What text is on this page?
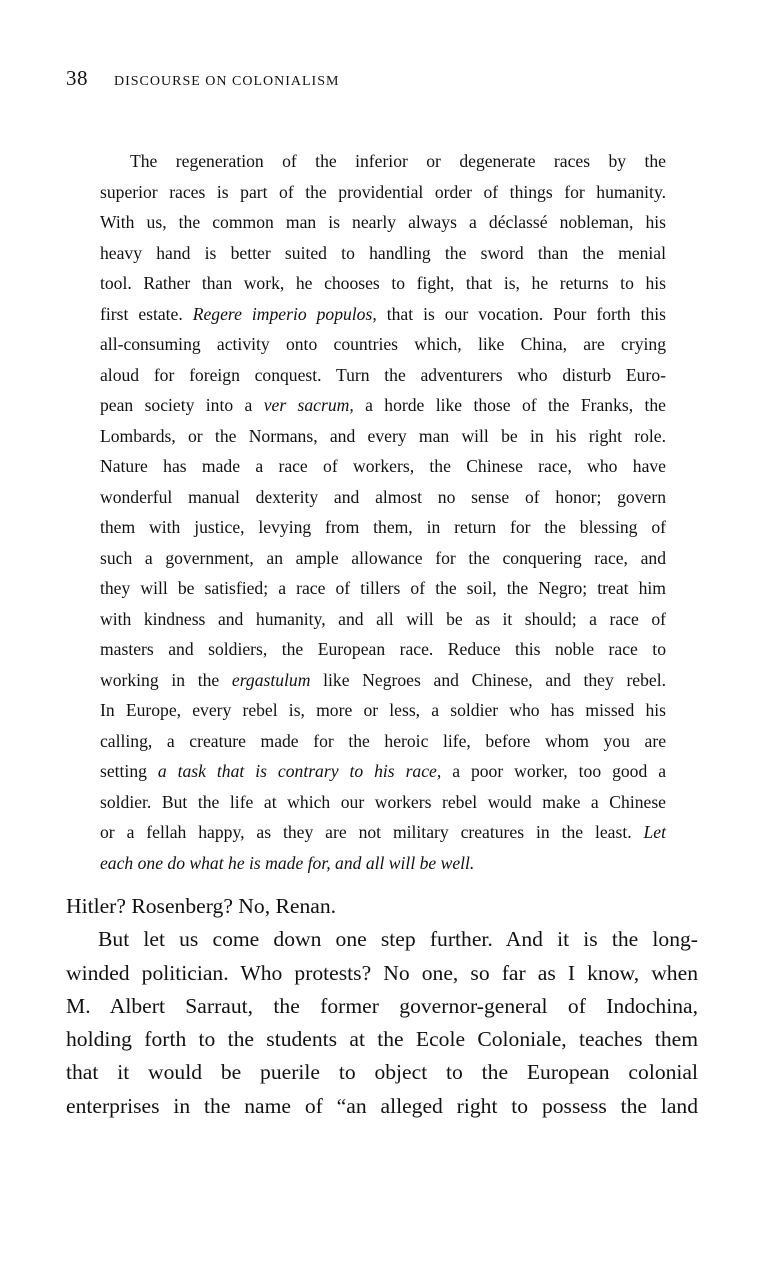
38 DISCOURSE ON COLONIALISM
The regeneration of the inferior or degenerate races by the
superior races is part of the providential order of things for humanity.
With us, the common man is nearly always a déclassé nobleman, his
heavy hand is better suited to handling the sword than the menial
tool. Rather than work, he chooses to fight, that is, he returns to his
first estate. Regere imperio populos, that is our vocation. Pour forth this
all-consuming activity onto countries which, like China, are crying
aloud for foreign conquest. Turn the adventurers who disturb Euro-
pean society into a ver sacrum, a horde like those of the Franks, the
Lombards, or the Normans, and every man will be in his right role.
Nature has made a race of workers, the Chinese race, who have
wonderful manual dexterity and almost no sense of honor; govern
them with justice, levying from them, in return for the blessing of
such a government, an ample allowance for the conquering race, and
they will be satisfied; a race of tillers of the soil, the Negro; treat him
with kindness and humanity, and all will be as it should; a race of
masters and soldiers, the European race. Reduce this noble race to
working in the ergastulum like Negroes and Chinese, and they rebel.
In Europe, every rebel is, more or less, a soldier who has missed his
calling, a creature made for the heroic life, before whom you are
setting a task that is contrary to his race, a poor worker, too good a
soldier. But the life at which our workers rebel would make a Chinese
or a fellah happy, as they are not military creatures in the least. Let
each one do what he is made for, and all will be well.
Hitler? Rosenberg? No, Renan.
But let us come down one step further. And it is the long-
winded politician. Who protests? No one, so far as I know, when
M. Albert Sarraut, the former governor-general of Indochina,
holding forth to the students at the Ecole Coloniale, teaches them
that it would be puerile to object to the European colonial
enterprises in the name of “an alleged right to possess the land
